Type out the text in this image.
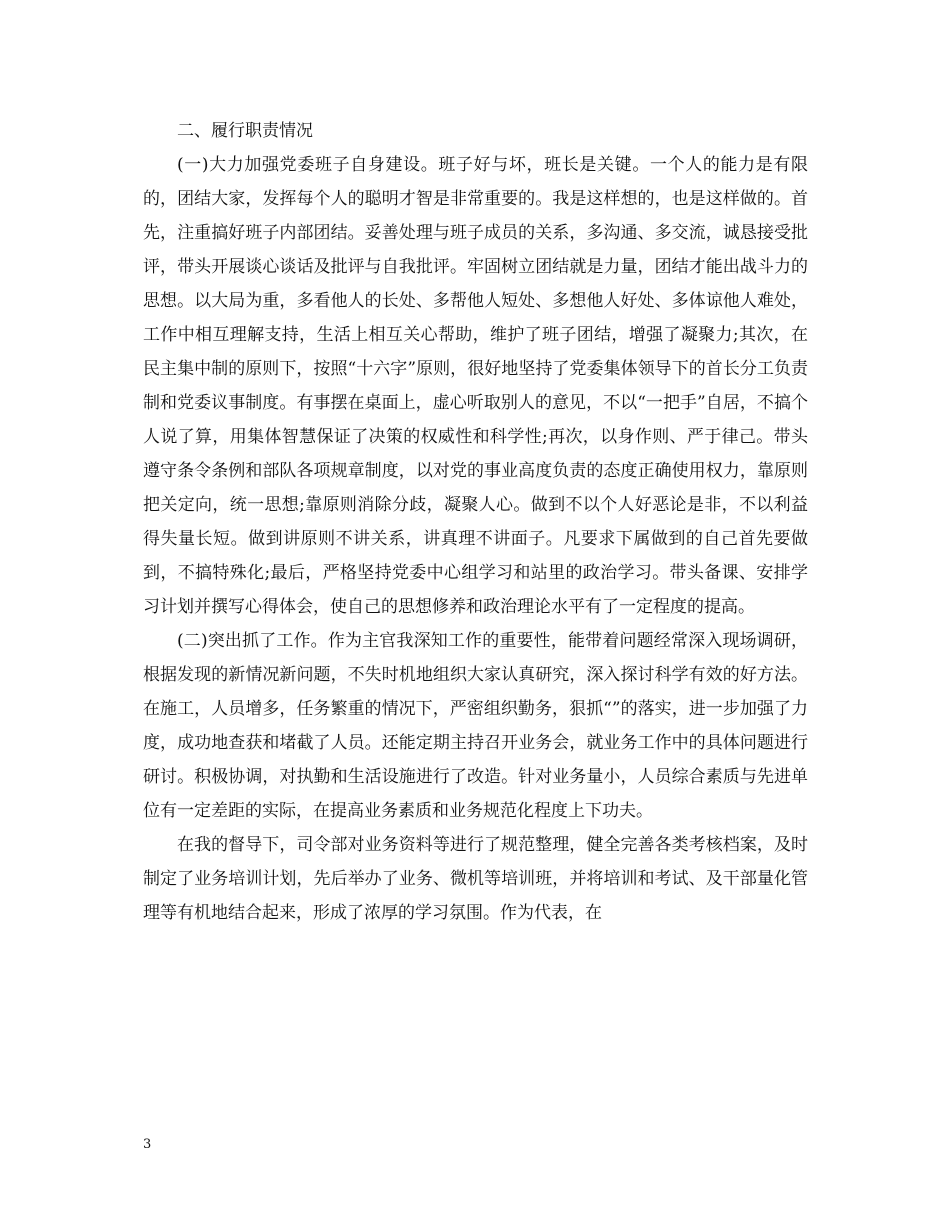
二、履行职责情况

(一)大力加强党委班子自身建设。班子好与坏，班长是关键。一个人的能力是有限的，团结大家，发挥每个人的聪明才智是非常重要的。我是这样想的，也是这样做的。首先，注重搞好班子内部团结。妥善处理与班子成员的关系，多沟通、多交流，诚恳接受批评，带头开展谈心谈话及批评与自我批评。牢固树立团结就是力量，团结才能出战斗力的思想。以大局为重，多看他人的长处、多帮他人短处、多想他人好处、多体谅他人难处，工作中相互理解支持，生活上相互关心帮助，维护了班子团结，增强了凝聚力;其次，在民主集中制的原则下，按照“十六字”原则，很好地坚持了党委集体领导下的首长分工负责制和党委议事制度。有事摆在桌面上，虚心听取别人的意见，不以“一把手”自居，不搞个人说了算，用集体智慧保证了决策的权威性和科学性;再次，以身作则、严于律己。带头遵守条令条例和部队各项规章制度，以对党的事业高度负责的态度正确使用权力，靠原则把关定向，统一思想;靠原则消除分歧，凝聚人心。做到不以个人好恶论是非，不以利益得失量长短。做到讲原则不讲关系，讲真理不讲面子。凡要求下属做到的自己首先要做到，不搞特殊化;最后，严格坚持党委中心组学习和站里的政治学习。带头备课、安排学习计划并撰写心得体会，使自己的思想修养和政治理论水平有了一定程度的提高。

(二)突出抓了工作。作为主官我深知工作的重要性，能带着问题经常深入现场调研，根据发现的新情况新问题，不失时机地组织大家认真研究，深入探讨科学有效的好方法。在施工，人员增多，任务繁重的情况下，严密组织勤务，狠抓“”的落实，进一步加强了力度，成功地查获和堵截了人员。还能定期主持召开业务会，就业务工作中的具体问题进行研讨。积极协调，对执勤和生活设施进行了改造。针对业务量小，人员综合素质与先进单位有一定差距的实际，在提高业务素质和业务规范化程度上下功夫。

在我的督导下，司令部对业务资料等进行了规范整理，健全完善各类考核档案，及时制定了业务培训计划，先后举办了业务、微机等培训班，并将培训和考试、及干部量化管理等有机地结合起来，形成了浓厚的学习氛围。作为代表，在

3
